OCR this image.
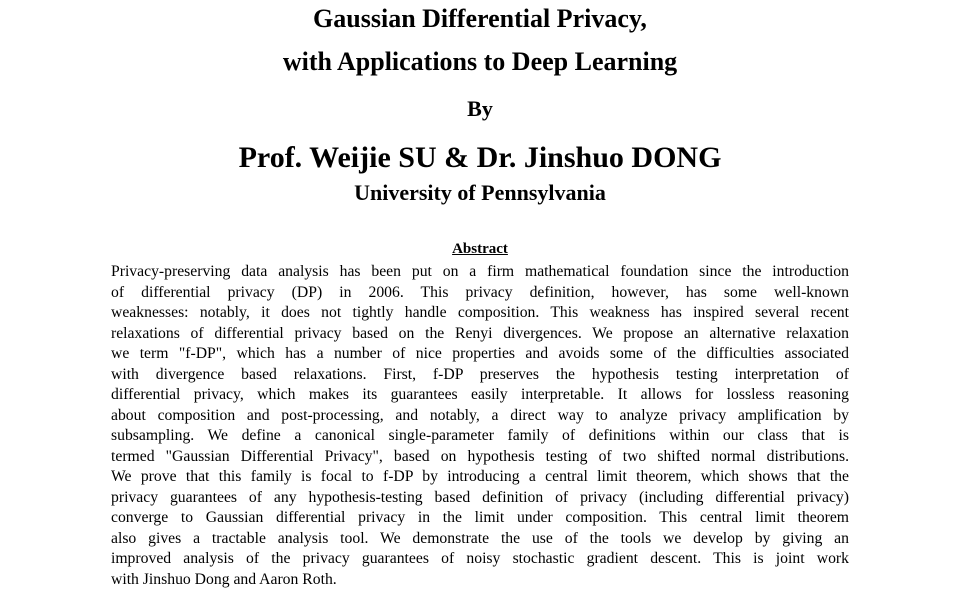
Gaussian Differential Privacy,
with Applications to Deep Learning
By
Prof. Weijie SU & Dr. Jinshuo DONG
University of Pennsylvania
Abstract
Privacy-preserving data analysis has been put on a firm mathematical foundation since the introduction
of differential privacy (DP) in 2006. This privacy definition, however, has some well-known
weaknesses: notably, it does not tightly handle composition. This weakness has inspired several recent
relaxations of differential privacy based on the Renyi divergences. We propose an alternative relaxation
we term "f-DP", which has a number of nice properties and avoids some of the difficulties associated
with divergence based relaxations. First, f-DP preserves the hypothesis testing interpretation of
differential privacy, which makes its guarantees easily interpretable. It allows for lossless reasoning
about composition and post-processing, and notably, a direct way to analyze privacy amplification by
subsampling. We define a canonical single-parameter family of definitions within our class that is
termed "Gaussian Differential Privacy", based on hypothesis testing of two shifted normal distributions.
We prove that this family is focal to f-DP by introducing a central limit theorem, which shows that the
privacy guarantees of any hypothesis-testing based definition of privacy (including differential privacy)
converge to Gaussian differential privacy in the limit under composition. This central limit theorem
also gives a tractable analysis tool. We demonstrate the use of the tools we develop by giving an
improved analysis of the privacy guarantees of noisy stochastic gradient descent. This is joint work
with Jinshuo Dong and Aaron Roth.
